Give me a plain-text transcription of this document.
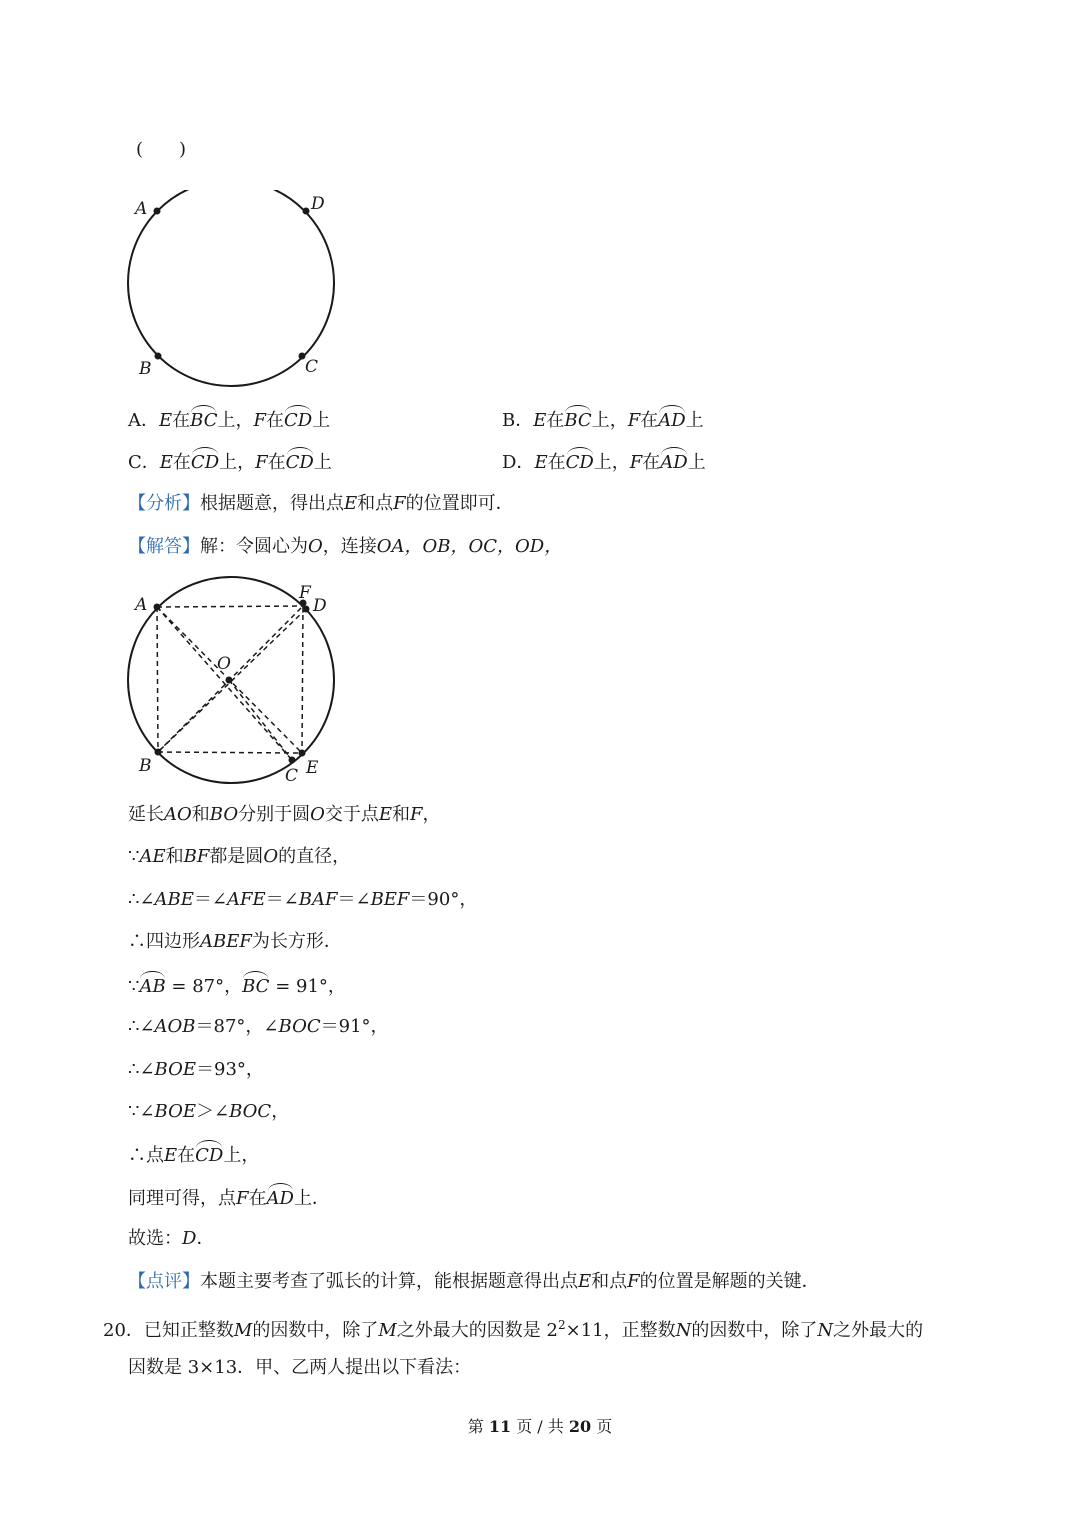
(　　)
A	D
B	C
A．E在BC上，F在CD上	B．E在BC上，F在AD上
C．E在CD上，F在CD上	D．E在CD上，F在AD上
【分析】根据题意，得出点E和点F的位置即可．
【解答】解：令圆心为O，连接OA，OB，OC，OD，
A
F
D
O
B	C E
延长AO和BO分别于圆O交于点E和F，
∵AE和BF都是圆O的直径，
∴∠ABE＝∠AFE＝∠BAF＝∠BEF＝90°，
∴四边形ABEF为长方形．
∵AB = 87°，BC = 91°，
∴∠AOB＝87°，∠BOC＝91°，
∴∠BOE＝93°，
∵∠BOE＞∠BOC，
∴点E在CD上，
同理可得，点F在AD上．
故选：D．
【点评】本题主要考查了弧长的计算，能根据题意得出点E和点F的位置是解题的关键．
20．已知正整数M的因数中，除了M之外最大的因数是 $2^2\times 11$，正整数N的因数中，除了N之外最大的
因数是 3×13．甲、乙两人提出以下看法：
第 11 页 / 共 20 页
